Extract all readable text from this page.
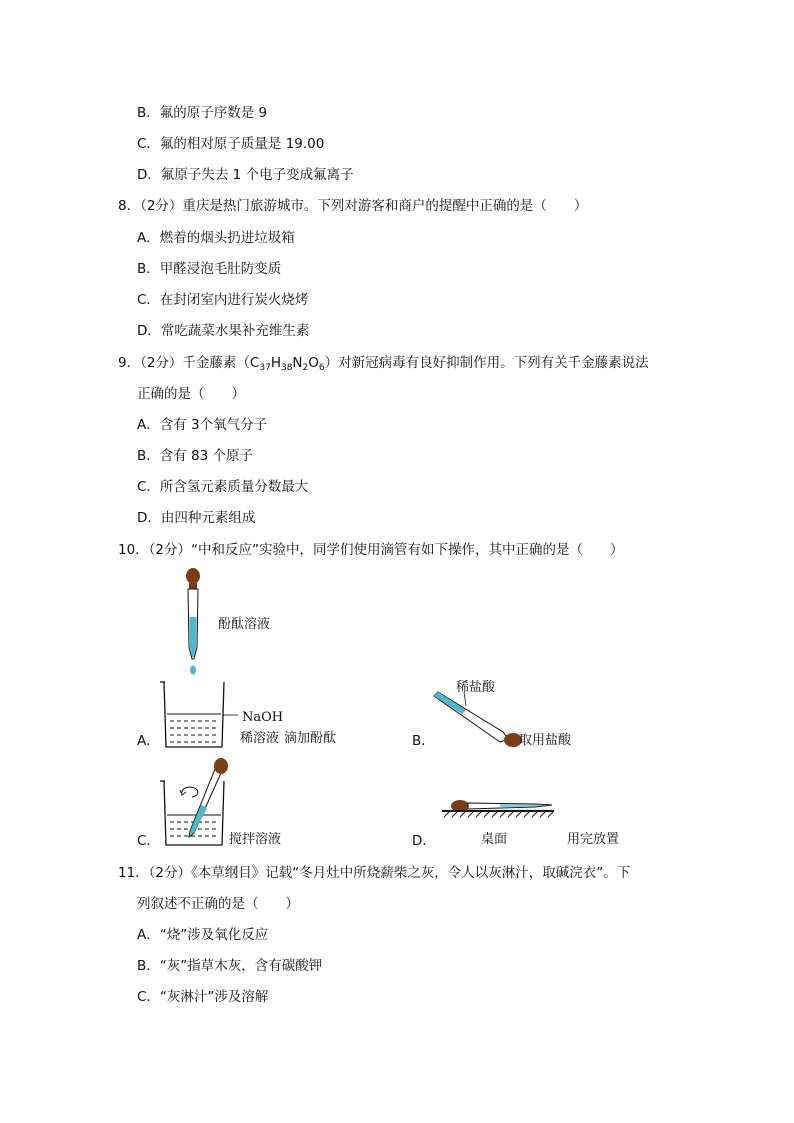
B．氟的原子序数是 9
C．氟的相对原子质量是 19.00
D．氟原子失去 1 个电子变成氟离子
8．（2分）重庆是热门旅游城市。下列对游客和商户的提醒中正确的是（　　）
A．燃着的烟头扔进垃圾箱
B．甲醛浸泡毛肚防变质
C．在封闭室内进行炭火烧烤
D．常吃蔬菜水果补充维生素
9．（2分）千金藤素$(C_{37}H_{38}N_2O_6)$对新冠病毒有良好抑制作用。下列有关千金藤素说法
正确的是（　　）
A．含有 3个氧气分子
B．含有 83 个原子
C．所含氢元素质量分数最大
D．由四种元素组成
10．（2分）“中和反应”实验中，同学们使用滴管有如下操作，其中正确的是（　　）
酚酞溶液
NaOH
稀溶液 滴加酚酞
A．
稀盐酸
取用盐酸
B．
搅拌溶液
C．	桌面	用完放置
D．
11．（2分）《本草纲目》记载“冬月灶中所烧薪柴之灰，令人以灰淋汁，取碱浣衣”。下
列叙述不正确的是（　　）
A．“烧”涉及氧化反应
B．“灰”指草木灰，含有碳酸钾
C．“灰淋汁”涉及溶解
